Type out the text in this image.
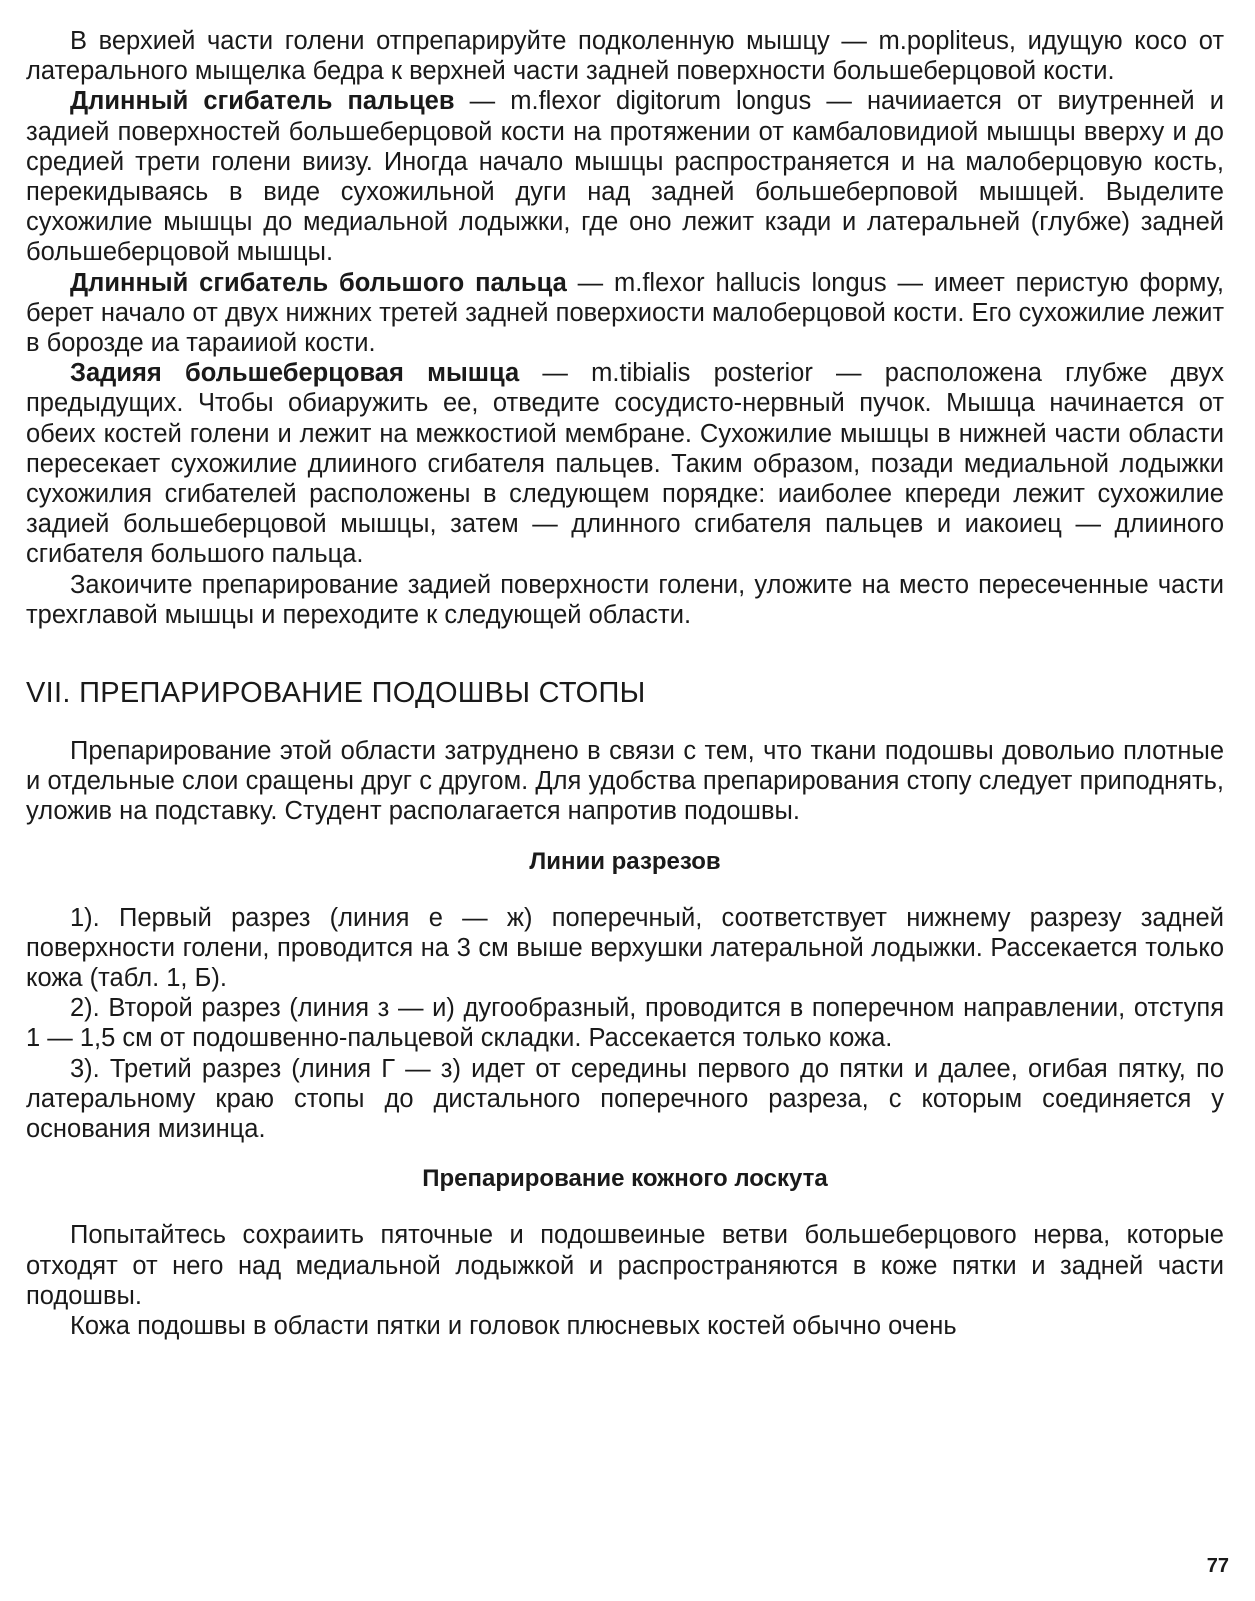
В верхией части голени отпрепарируйте подколенную мышцу — m.popliteus, идущую косо от латерального мыщелка бедра к верхней части задней поверхности большеберцовой кости.

Длинный сгибатель пальцев — m.flexor digitorum longus — начииается от виутренней и задией поверхностей большеберцовой кости на протяжении от камбаловидиой мышцы вверху и до средией трети голени виизу. Иногда начало мышцы распространяется и на малоберцовую кость, перекидываясь в виде сухожильной дуги над задней большеберповой мышцей. Выделите сухожилие мышцы до медиальной лодыжки, где оно лежит кзади и латеральней (глубже) задней большеберцовой мышцы.

Длинный сгибатель большого пальца — m.flexor hallucis longus — имеет перистую форму, берет начало от двух нижних третей задней поверхиости малоберцовой кости. Его сухожилие лежит в борозде иа тараииой кости.

Задияя большеберцовая мышца — m.tibialis posterior — расположена глубже двух предыдущих. Чтобы обиаружить ее, отведите сосудисто-нервный пучок. Мышца начинается от обеих костей голени и лежит на межкостиой мембране. Сухожилие мышцы в нижней части области пересекает сухожилие длииного сгибателя пальцев. Таким образом, позади медиальной лодыжки сухожилия сгибателей расположены в следующем порядке: иаиболее кпереди лежит сухожилие задией большеберцовой мышцы, затем — длинного сгибателя пальцев и иакоиец — длииного сгибателя большого пальца.

Закоичите препарирование задией поверхности голени, уложите на место пересеченные части трехглавой мышцы и переходите к следующей области.

VII. ПРЕПАРИРОВАНИЕ ПОДОШВЫ СТОПЫ

Препарирование этой области затруднено в связи с тем, что ткани подошвы довольио плотные и отдельные слои сращены друг с другом. Для удобства препарирования стопу следует приподнять, уложив на подставку. Студент располагается напротив подошвы.

Линии разрезов

1). Первый разрез (линия е — ж) поперечный, соответствует нижнему разрезу задней поверхности голени, проводится на 3 см выше верхушки латеральной лодыжки. Рассекается только кожа (табл. 1, Б).

2). Второй разрез (линия з — и) дугообразный, проводится в поперечном направлении, отступя 1 — 1,5 см от подошвенно-пальцевой складки. Рассекается только кожа.

3). Третий разрез (линия Г — з) идет от середины первого до пятки и далее, огибая пятку, по латеральному краю стопы до дистального поперечного разреза, с которым соединяется у основания мизинца.

Препарирование кожного лоскута

Попытайтесь сохраиить пяточные и подошвеиные ветви большеберцового нерва, которые отходят от него над медиальной лодыжкой и распространяются в коже пятки и задней части подошвы.

Кожа подошвы в области пятки и головок плюсневых костей обычно очень

77
